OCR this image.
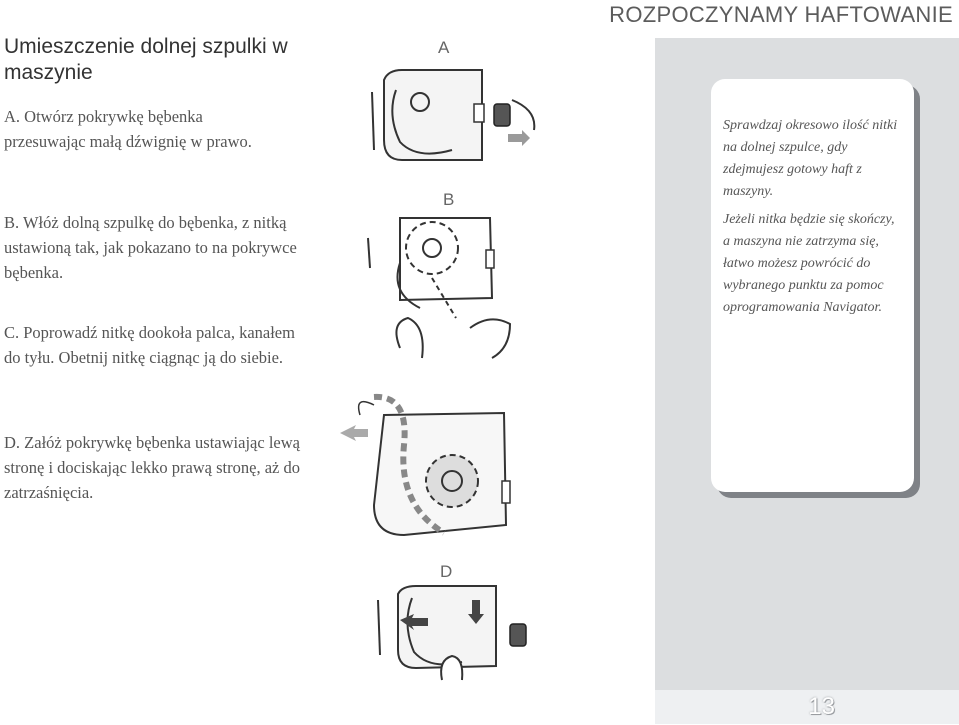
ROZPOCZYNAMY HAFTOWANIE
Umieszczenie dolnej szpulki w maszynie

A. Otwórz pokrywkę bębenka przesuwając małą dźwignię w prawo.

B. Włóż dolną szpulkę do bębenka, z nitką ustawioną tak, jak pokazano to na pokrywce bębenka.

C. Poprowadź nitkę dookoła palca, kanałem do tyłu. Obetnij nitkę ciągnąc ją do siebie.

D. Załóż pokrywkę bębenka ustawiając lewą stronę i dociskając lekko prawą stronę, aż do zatrzaśnięcia.

A
B
D

Sprawdzaj okresowo ilość nitki na dolnej szpulce, gdy zdejmujesz gotowy haft z maszyny.

Jeżeli nitka będzie się skończy, a maszyna nie zatrzyma się, łatwo możesz powrócić do wybranego punktu za pomoc oprogramowania Navigator.

13
